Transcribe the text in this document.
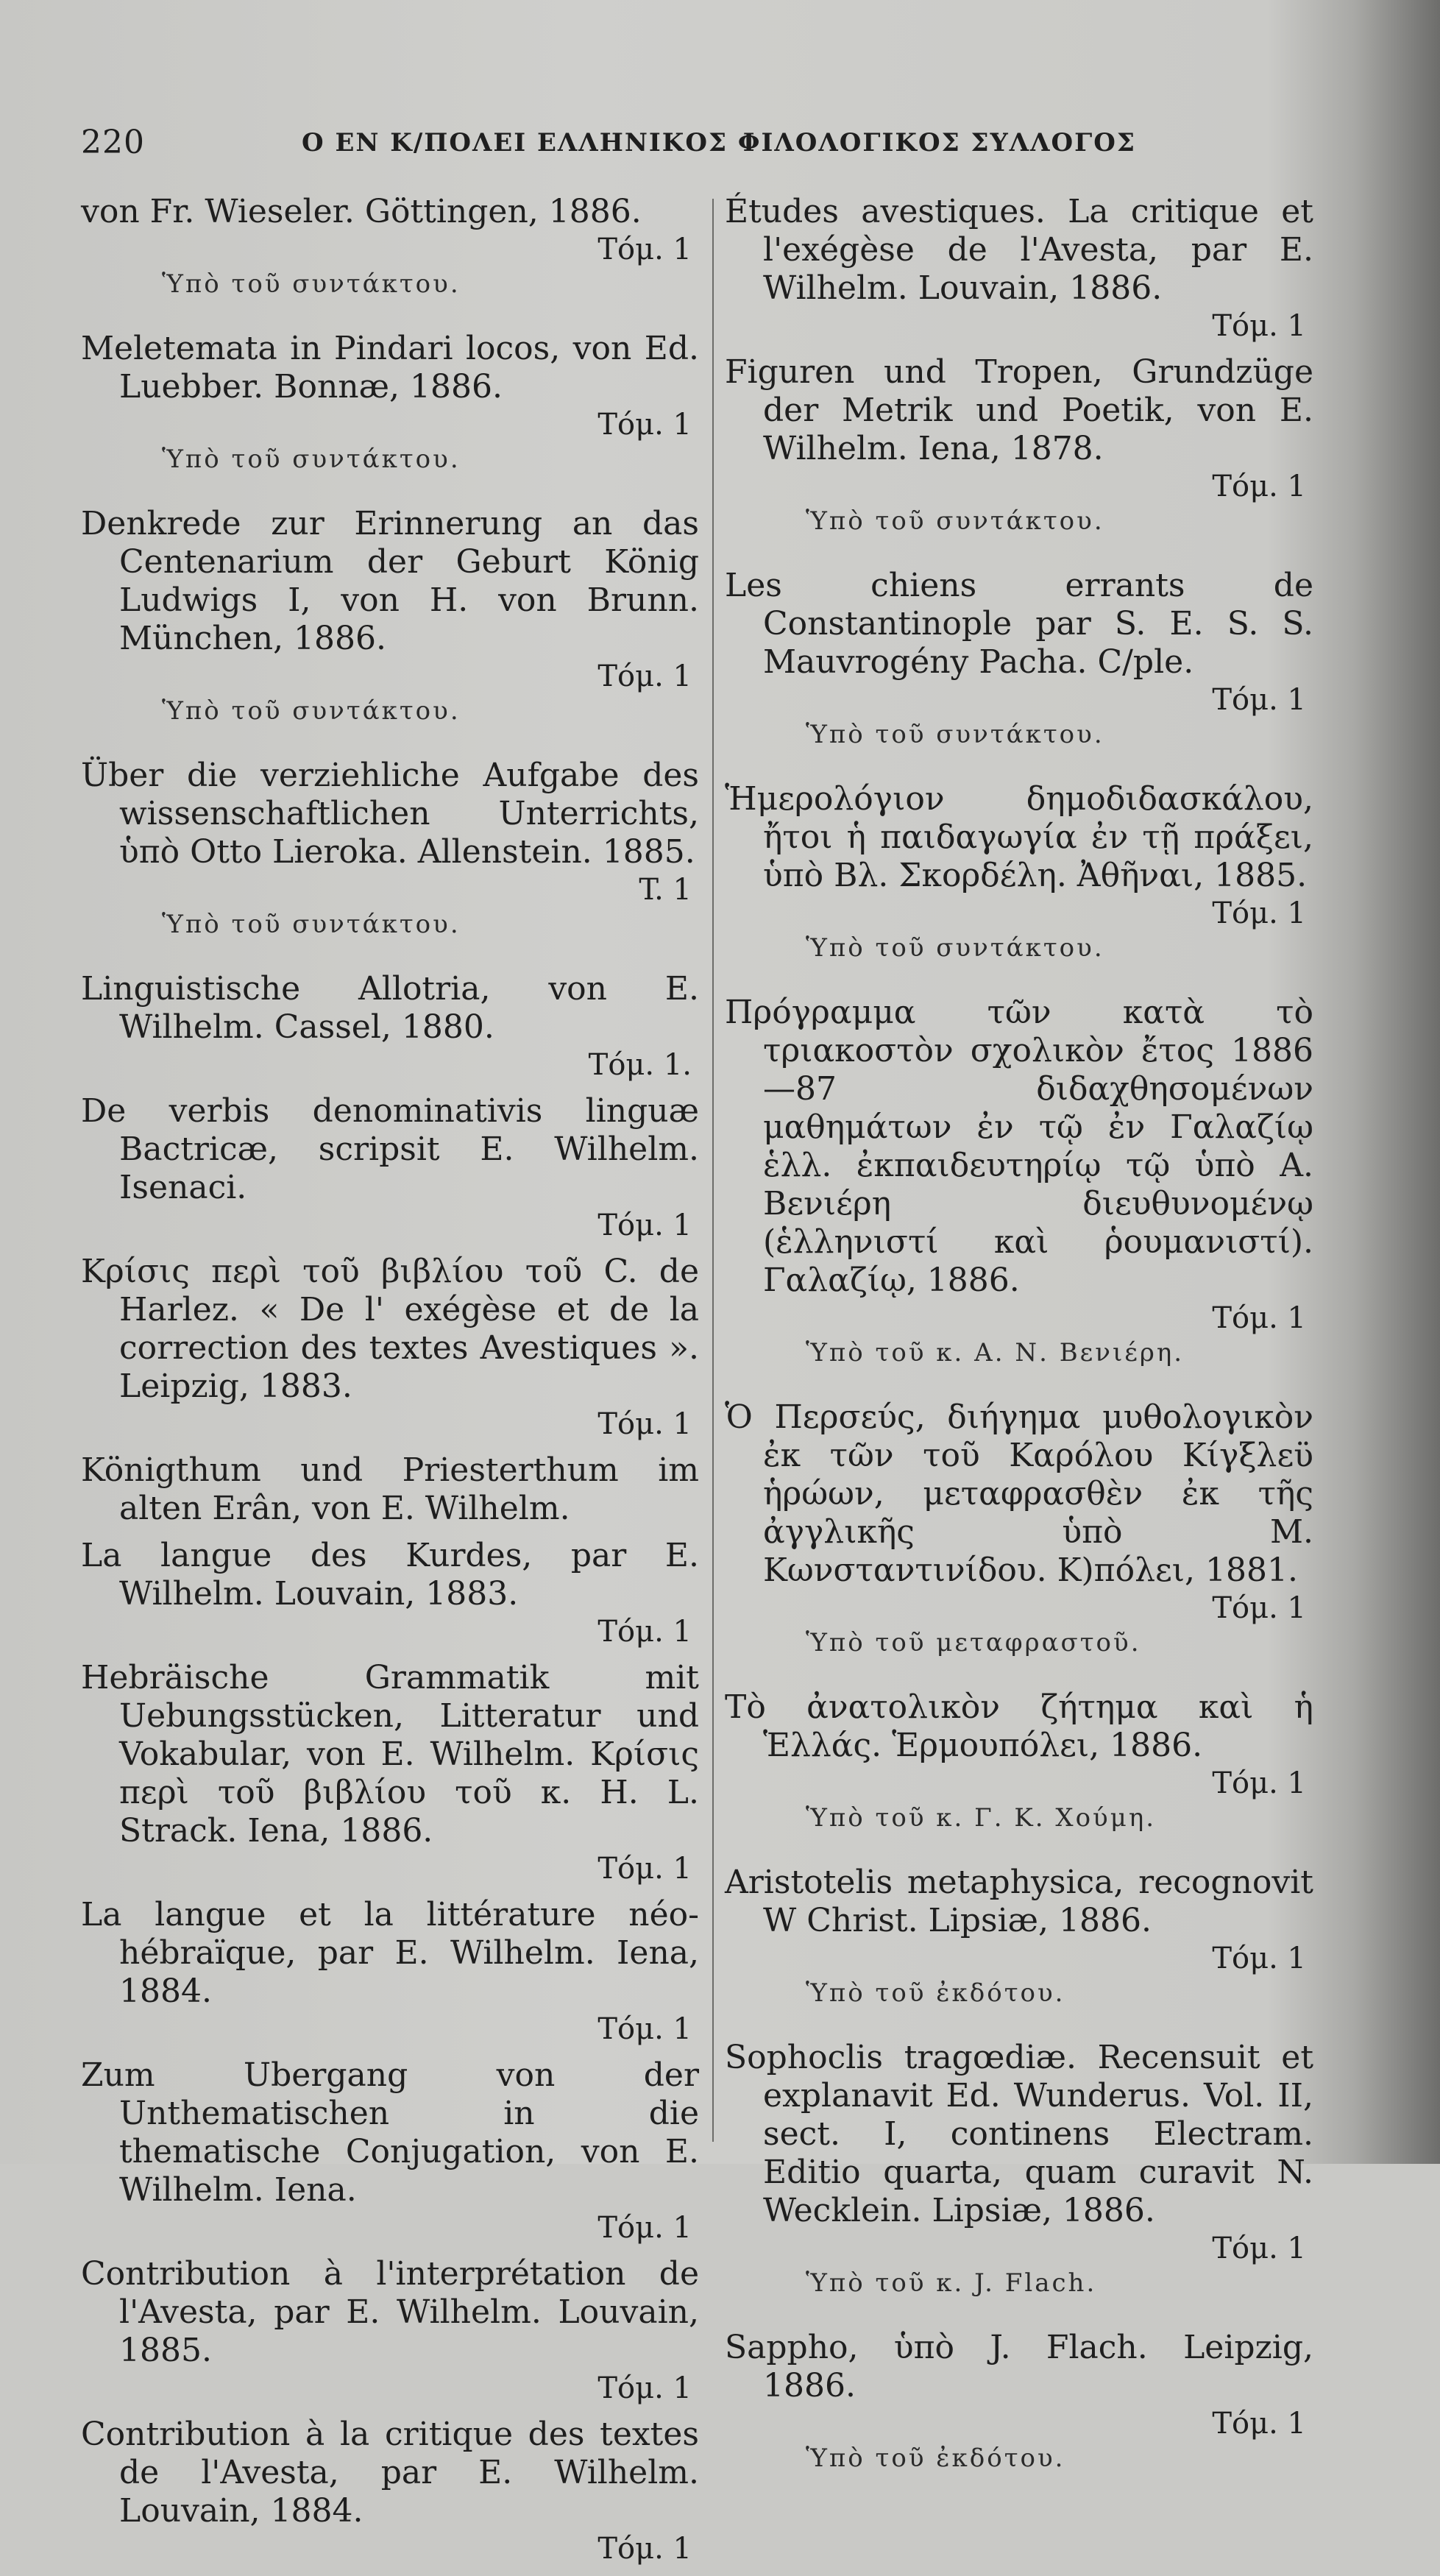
220	Ο ΕΝ Κ/ΠΟΛΕΙ ΕΛΛΗΝΙΚΟΣ ΦΙΛΟΛΟΓΙΚΟΣ ΣΥΛΛΟΓΟΣ
von Fr. Wieseler. Göttingen, 1886.
Τόμ. 1
Ὑπὸ τοῦ συντάκτου.
Meletemata in Pindari locos, von Ed. Luebber. Bonnæ, 1886.
Τόμ. 1
Ὑπὸ τοῦ συντάκτου.
Denkrede zur Erinnerung an das Centenarium der Geburt König Ludwigs I, von H. von Brunn. München, 1886.
Τόμ. 1
Ὑπὸ τοῦ συντάκτου.
Über die verziehliche Aufgabe des wissenschaftlichen Unterrichts, ὑπὸ Otto Lieroka. Allenstein. 1885.
T. 1
Ὑπὸ τοῦ συντάκτου.
Linguistische Allotria, von E. Wilhelm. Cassel, 1880.
Τόμ. 1.
De verbis denominativis linguæ Bactricæ, scripsit E. Wilhelm. Isenaci.
Τόμ. 1
Κρίσις περὶ τοῦ βιβλίου τοῦ C. de Harlez. « De l' exégèse et de la correction des textes Avestiques ». Leipzig, 1883.
Τόμ. 1
Königthum und Priesterthum im alten Erân, von E. Wilhelm.
La langue des Kurdes, par E. Wilhelm. Louvain, 1883.
Τόμ. 1
Hebräische Grammatik mit Uebungsstücken, Litteratur und Vokabular, von E. Wilhelm. Κρίσις περὶ τοῦ βιβλίου τοῦ κ. H. L. Strack. Iena, 1886.
Τόμ. 1
La langue et la littérature néo-hébraïque, par E. Wilhelm. Iena, 1884.
Τόμ. 1
Zum Ubergang von der Unthematischen in die thematische Conjugation, von E. Wilhelm. Iena.
Τόμ. 1
Contribution à l'interprétation de l'Avesta, par E. Wilhelm. Louvain, 1885.
Τόμ. 1
Contribution à la critique des textes de l'Avesta, par E. Wilhelm. Louvain, 1884.
Τόμ. 1
Études avestiques. La critique et l'exégèse de l'Avesta, par E. Wilhelm. Louvain, 1886.
Τόμ. 1
Figuren und Tropen, Grundzüge der Metrik und Poetik, von E. Wilhelm. Iena, 1878.
Τόμ. 1
Ὑπὸ τοῦ συντάκτου.
Les chiens errants de Constantinople par S. E. S. S. Mauvrogény Pacha. C/ple.
Τόμ. 1
Ὑπὸ τοῦ συντάκτου.
Ἡμερολόγιον δημοδιδασκάλου, ἤτοι ἡ παιδαγωγία ἐν τῇ πράξει, ὑπὸ Βλ. Σκορδέλη. Ἀθῆναι, 1885.
Τόμ. 1
Ὑπὸ τοῦ συντάκτου.
Πρόγραμμα τῶν κατὰ τὸ τριακοστὸν σχολικὸν ἔτος 1886—87 διδαχθησομένων μαθημάτων ἐν τῷ ἐν Γαλαζίῳ ἑλλ. ἐκπαιδευτηρίῳ τῷ ὑπὸ Α. Βενιέρη διευθυνομένῳ (ἑλληνιστί καὶ ῥουμανιστί). Γαλαζίῳ, 1886.
Τόμ. 1
Ὑπὸ τοῦ κ. Α. Ν. Βενιέρη.
Ὁ Περσεύς, διήγημα μυθολογικὸν ἐκ τῶν τοῦ Καρόλου Κίγξλεϋ ἡρώων, μεταφρασθὲν ἐκ τῆς ἀγγλικῆς ὑπὸ Μ. Κωνσταντινίδου. Κ)πόλει, 1881.
Τόμ. 1
Ὑπὸ τοῦ μεταφραστοῦ.
Τὸ ἀνατολικὸν ζήτημα καὶ ἡ Ἑλλάς. Ἑρμουπόλει, 1886.
Τόμ. 1
Ὑπὸ τοῦ κ. Γ. Κ. Χούμη.
Aristotelis metaphysica, recognovit W Christ. Lipsiæ, 1886.
Τόμ. 1
Ὑπὸ τοῦ ἐκδότου.
Sophoclis tragœdiæ. Recensuit et explanavit Ed. Wunderus. Vol. II, sect. I, continens Electram. Editio quarta, quam curavit N. Wecklein. Lipsiæ, 1886.
Τόμ. 1
Ὑπὸ τοῦ κ. J. Flach.
Sappho, ὑπὸ J. Flach. Leipzig, 1886.
Τόμ. 1
Ὑπὸ τοῦ ἐκδότου.
